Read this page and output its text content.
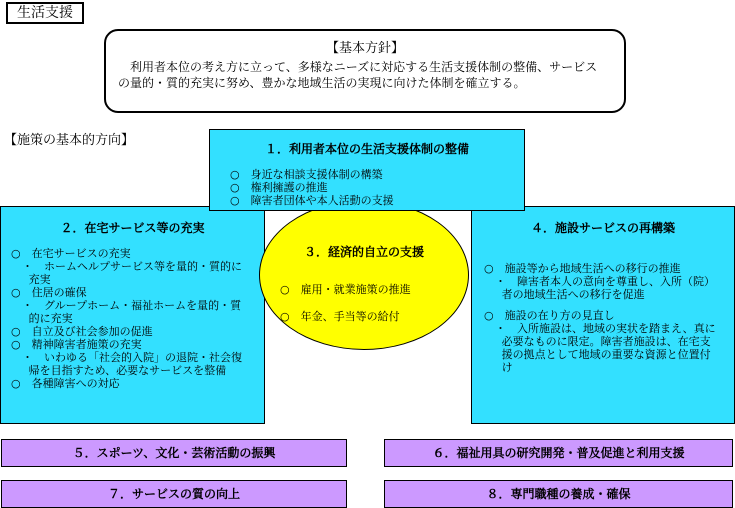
生活支援
【基本方針】
利用者本位の考え方に立って、多様なニーズに対応する生活支援体制の整備、サービスの量的・質的充実に努め、豊かな地域生活の実現に向けた体制を確立する。
【施策の基本的方向】
１．利用者本位の生活支援体制の整備
○　身近な相談支援体制の構築
○　権利擁護の推進
○　障害者団体や本人活動の支援
２．在宅サービス等の充実
○　在宅サービスの充実
・　ホームヘルプサービス等を量的・質的に充実
○　住居の確保
・　グループホーム・福祉ホームを量的・質的に充実
○　自立及び社会参加の促進
○　精神障害者施策の充実
・　いわゆる「社会的入院」の退院・社会復帰を目指すため、必要なサービスを整備
○　各種障害への対応
３．経済的自立の支援
○　雇用・就業施策の推進
○　年金、手当等の給付
４．施設サービスの再構築
○　施設等から地域生活への移行の推進
・　障害者本人の意向を尊重し、入所（院）者の地域生活への移行を促進
○　施設の在り方の見直し
・　入所施設は、地域の実状を踏まえ、真に必要なものに限定。障害者施設は、在宅支援の拠点として地域の重要な資源と位置付け
５．スポーツ、文化・芸術活動の振興	６．福祉用具の研究開発・普及促進と利用支援
７．サービスの質の向上	８．専門職種の養成・確保
